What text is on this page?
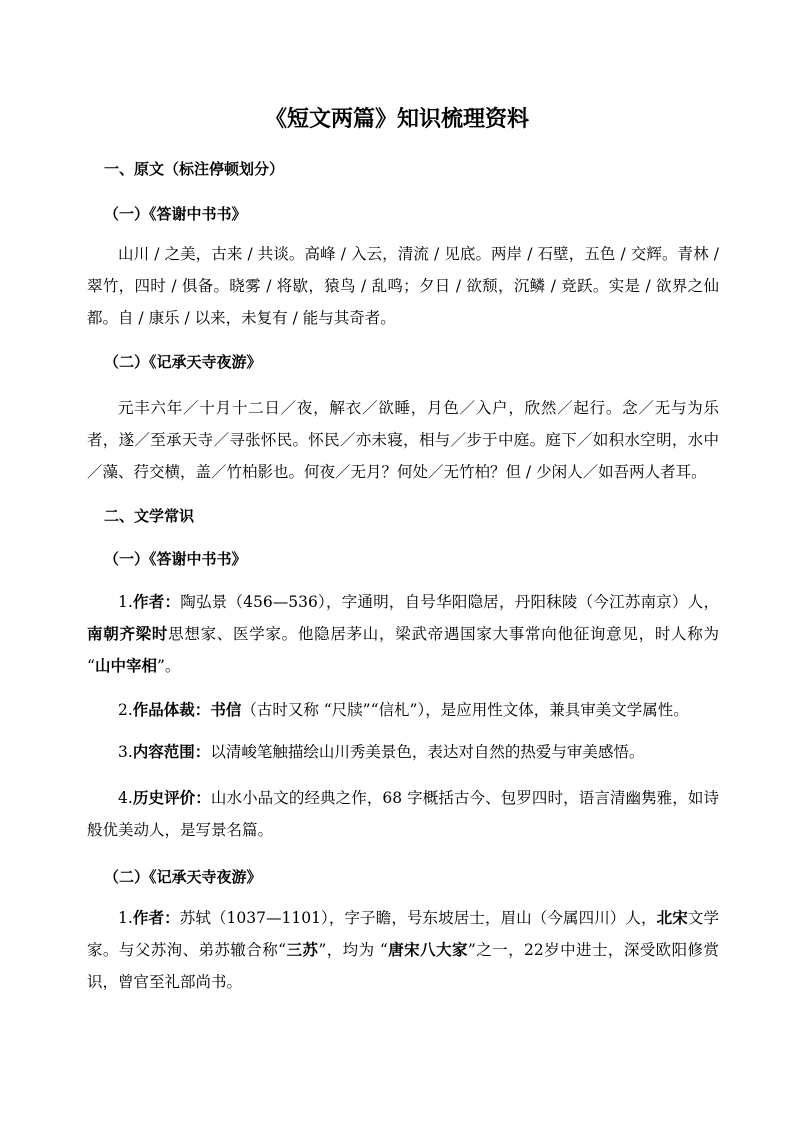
《短文两篇》知识梳理资料
一、原文（标注停顿划分）
（一）《答谢中书书》

山川 / 之美，古来 / 共谈。高峰 / 入云，清流 / 见底。两岸 / 石壁，五色 / 交辉。青林 / 翠竹，四时 / 俱备。晓雾 / 将歇，猿鸟 / 乱鸣；夕日 / 欲颓，沉鳞 / 竞跃。实是 / 欲界之仙都。自 / 康乐 / 以来，未复有 / 能与其奇者。

（二）《记承天寺夜游》

元丰六年／十月十二日／夜，解衣／欲睡，月色／入户，欣然／起行。念／无与为乐者，遂／至承天寺／寻张怀民。怀民／亦未寝，相与／步于中庭。庭下／如积水空明，水中／藻、荇交横，盖／竹柏影也。何夜／无月？何处／无竹柏？但 / 少闲人／如吾两人者耳。

二、文学常识
（一）《答谢中书书》

1.作者：陶弘景（456—536），字通明，自号华阳隐居，丹阳秣陵（今江苏南京）人，南朝齐梁时思想家、医学家。他隐居茅山，梁武帝遇国家大事常向他征询意见，时人称为 “山中宰相”。

2.作品体裁：书信（古时又称 “尺牍”“信札”），是应用性文体，兼具审美文学属性。

3.内容范围：以清峻笔触描绘山川秀美景色，表达对自然的热爱与审美感悟。

4.历史评价：山水小品文的经典之作，68 字概括古今、包罗四时，语言清幽隽雅，如诗般优美动人，是写景名篇。

（二）《记承天寺夜游》

1.作者：苏轼（1037—1101），字子瞻，号东坡居士，眉山（今属四川）人，北宋文学家。与父苏洵、弟苏辙合称“三苏”，均为 “唐宋八大家”之一，22岁中进士，深受欧阳修赏识，曾官至礼部尚书。
